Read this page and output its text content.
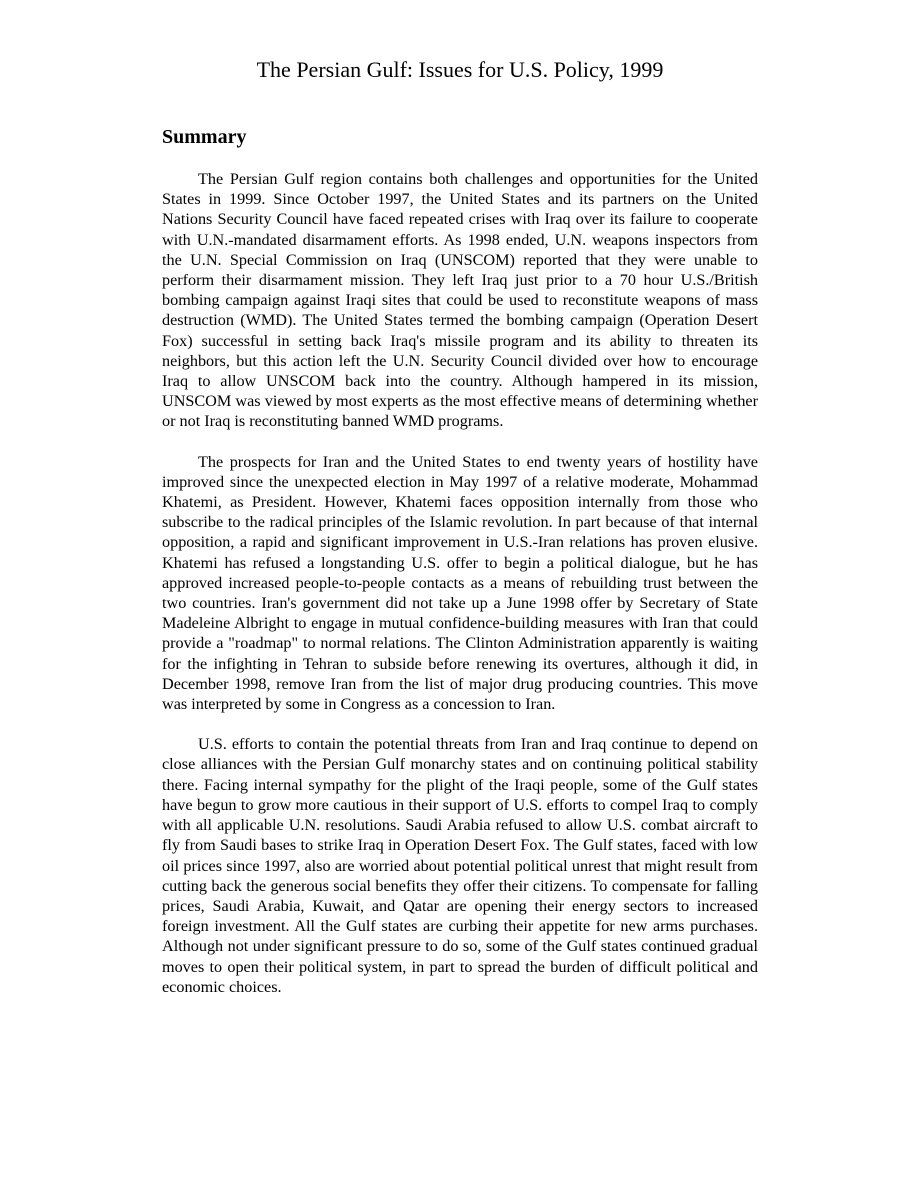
The Persian Gulf: Issues for U.S. Policy, 1999
Summary

The Persian Gulf region contains both challenges and opportunities for the United States in 1999. Since October 1997, the United States and its partners on the United Nations Security Council have faced repeated crises with Iraq over its failure to cooperate with U.N.-mandated disarmament efforts. As 1998 ended, U.N. weapons inspectors from the U.N. Special Commission on Iraq (UNSCOM) reported that they were unable to perform their disarmament mission. They left Iraq just prior to a 70 hour U.S./British bombing campaign against Iraqi sites that could be used to reconstitute weapons of mass destruction (WMD). The United States termed the bombing campaign (Operation Desert Fox) successful in setting back Iraq's missile program and its ability to threaten its neighbors, but this action left the U.N. Security Council divided over how to encourage Iraq to allow UNSCOM back into the country. Although hampered in its mission, UNSCOM was viewed by most experts as the most effective means of determining whether or not Iraq is reconstituting banned WMD programs.

The prospects for Iran and the United States to end twenty years of hostility have improved since the unexpected election in May 1997 of a relative moderate, Mohammad Khatemi, as President. However, Khatemi faces opposition internally from those who subscribe to the radical principles of the Islamic revolution. In part because of that internal opposition, a rapid and significant improvement in U.S.-Iran relations has proven elusive. Khatemi has refused a longstanding U.S. offer to begin a political dialogue, but he has approved increased people-to-people contacts as a means of rebuilding trust between the two countries. Iran's government did not take up a June 1998 offer by Secretary of State Madeleine Albright to engage in mutual confidence-building measures with Iran that could provide a "roadmap" to normal relations. The Clinton Administration apparently is waiting for the infighting in Tehran to subside before renewing its overtures, although it did, in December 1998, remove Iran from the list of major drug producing countries. This move was interpreted by some in Congress as a concession to Iran.

U.S. efforts to contain the potential threats from Iran and Iraq continue to depend on close alliances with the Persian Gulf monarchy states and on continuing political stability there. Facing internal sympathy for the plight of the Iraqi people, some of the Gulf states have begun to grow more cautious in their support of U.S. efforts to compel Iraq to comply with all applicable U.N. resolutions. Saudi Arabia refused to allow U.S. combat aircraft to fly from Saudi bases to strike Iraq in Operation Desert Fox. The Gulf states, faced with low oil prices since 1997, also are worried about potential political unrest that might result from cutting back the generous social benefits they offer their citizens. To compensate for falling prices, Saudi Arabia, Kuwait, and Qatar are opening their energy sectors to increased foreign investment. All the Gulf states are curbing their appetite for new arms purchases. Although not under significant pressure to do so, some of the Gulf states continued gradual moves to open their political system, in part to spread the burden of difficult political and economic choices.
